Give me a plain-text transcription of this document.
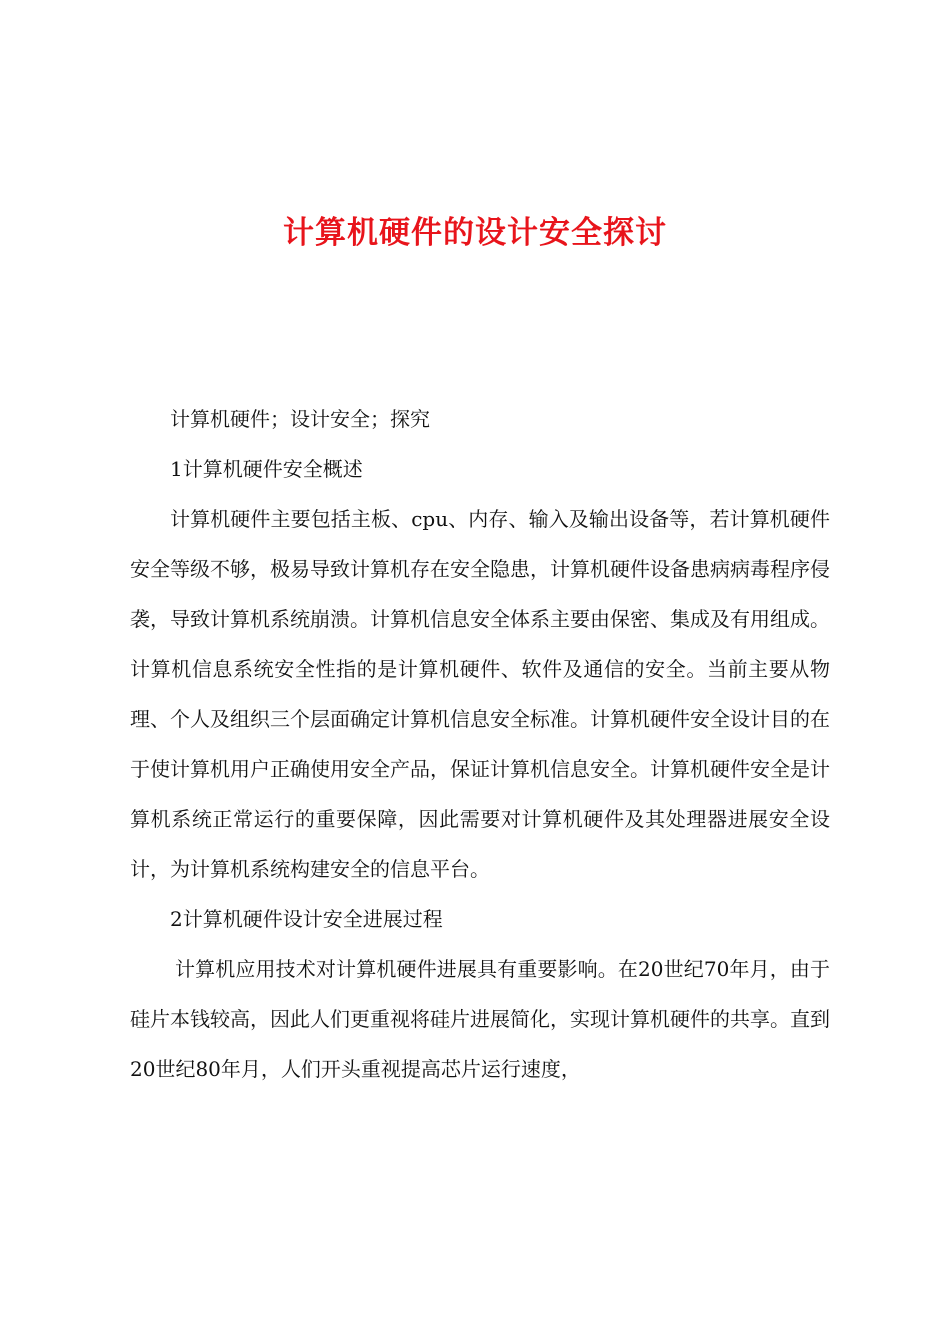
计算机硬件的设计安全探讨

计算机硬件；设计安全；探究

1计算机硬件安全概述

计算机硬件主要包括主板、cpu、内存、输入及输出设备等，若计算机硬件安全等级不够，极易导致计算机存在安全隐患，计算机硬件设备患病病毒程序侵袭，导致计算机系统崩溃。计算机信息安全体系主要由保密、集成及有用组成。计算机信息系统安全性指的是计算机硬件、软件及通信的安全。当前主要从物理、个人及组织三个层面确定计算机信息安全标准。计算机硬件安全设计目的在于使计算机用户正确使用安全产品，保证计算机信息安全。计算机硬件安全是计算机系统正常运行的重要保障，因此需要对计算机硬件及其处理器进展安全设计，为计算机系统构建安全的信息平台。

2计算机硬件设计安全进展过程

计算机应用技术对计算机硬件进展具有重要影响。在20世纪70年月，由于硅片本钱较高，因此人们更重视将硅片进展简化，实现计算机硬件的共享。直到20世纪80年月，人们开头重视提高芯片运行速度，
